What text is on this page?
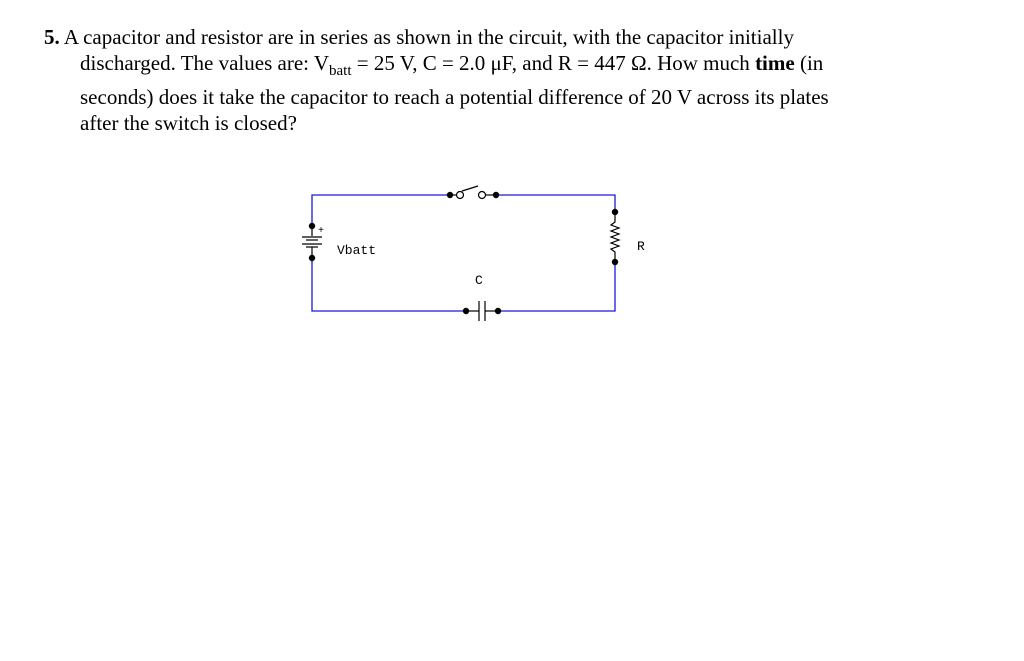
5. A capacitor and resistor are in series as shown in the circuit, with the capacitor initially
discharged. The values are: $V_{batt} = 25$ V, C = 2.0 μF, and R = 447 Ω. How much time (in
seconds) does it take the capacitor to reach a potential difference of 20 V across its plates
after the switch is closed?
+
Vbatt	R
C
